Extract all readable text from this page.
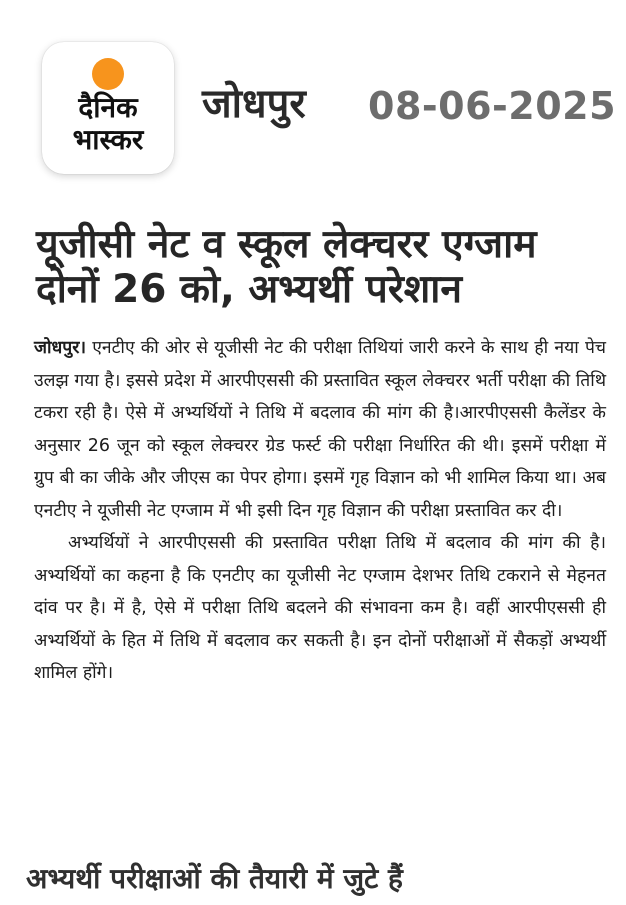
दैनिक
भास्कर
जोधपुर 08-06-2025
यूजीसी नेट व स्कूल लेक्चरर एग्जाम दोनों 26 को, अभ्यर्थी परेशान

जोधपुर। एनटीए की ओर से यूजीसी नेट की परीक्षा तिथियां जारी करने के साथ ही नया पेच उलझ गया है। इससे प्रदेश में आरपीएससी की प्रस्तावित स्कूल लेक्चरर भर्ती परीक्षा की तिथि टकरा रही है। ऐसे में अभ्यर्थियों ने तिथि में बदलाव की मांग की है।आरपीएससी कैलेंडर के अनुसार 26 जून को स्कूल लेक्चरर ग्रेड फर्स्ट की परीक्षा निर्धारित की थी। इसमें परीक्षा में ग्रुप बी का जीके और जीएस का पेपर होगा। इसमें गृह विज्ञान को भी शामिल किया था। अब एनटीए ने यूजीसी नेट एग्जाम में भी इसी दिन गृह विज्ञान की परीक्षा प्रस्तावित कर दी।

अभ्यर्थियों ने आरपीएससी की प्रस्तावित परीक्षा तिथि में बदलाव की मांग की है। अभ्यर्थियों का कहना है कि एनटीए का यूजीसी नेट एग्जाम देशभर तिथि टकराने से मेहनत दांव पर है। में है, ऐसे में परीक्षा तिथि बदलने की संभावना कम है। वहीं आरपीएससी ही अभ्यर्थियों के हित में तिथि में बदलाव कर सकती है। इन दोनों परीक्षाओं में सैकड़ों अभ्यर्थी शामिल होंगे।

अभ्यर्थी परीक्षाओं की तैयारी में जुटे हैं
